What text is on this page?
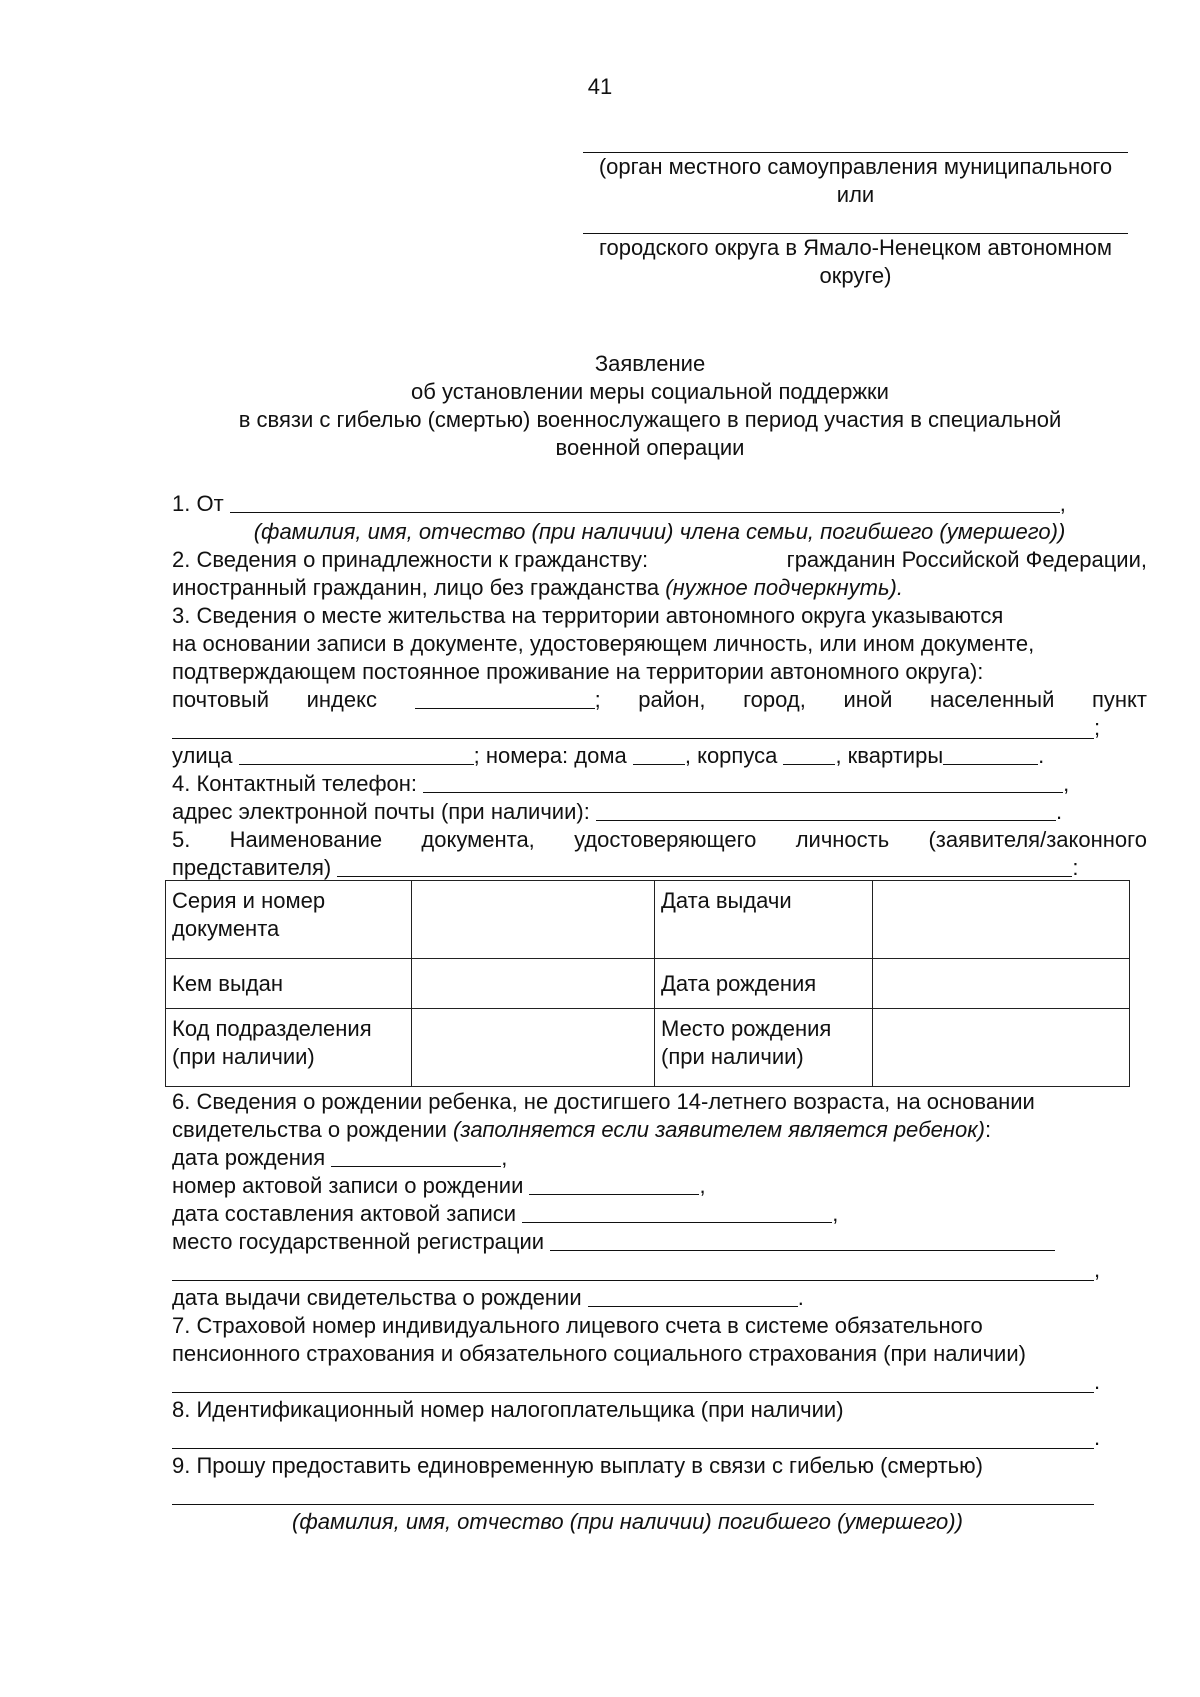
41
(орган местного самоуправления муниципального
или
городского округа в Ямало-Ненецком автономном
округе)
Заявление
об установлении меры социальной поддержки
в связи с гибелью (смертью) военнослужащего в период участия в специальной
военной операции
1. От	,
(фамилия, имя, отчество (при наличии) члена семьи, погибшего (умершего))
2. Сведения о принадлежности к гражданству:	гражданин Российской Федерации,
иностранный гражданин, лицо без гражданства (нужное подчеркнуть).
3. Сведения о месте жительства на территории автономного округа указываются
на основании записи в документе, удостоверяющем личность, или ином документе,
подтверждающем постоянное проживание на территории автономного округа):
почтовый индекс	; район, город, иной населенный пункт
;
улица	; номера: дома	, корпуса	, квартиры	.
4. Контактный телефон:	,
адрес электронной почты (при наличии):	.
5. Наименование документа, удостоверяющего личность (заявителя/законного
представителя)	:
Серия и номер документа		Дата выдачи	
Кем выдан		Дата рождения	
Код подразделения (при наличии)		Место рождения (при наличии)	
6. Сведения о рождении ребенка, не достигшего 14-летнего возраста, на основании
свидетельства о рождении (заполняется если заявителем является ребенок):
дата рождения	,
номер актовой записи о рождении	,
дата составления актовой записи	,
место государственной регистрации
,
дата выдачи свидетельства о рождении	.
7. Страховой номер индивидуального лицевого счета в системе обязательного
пенсионного страхования и обязательного социального страхования (при наличии)
.
8. Идентификационный номер налогоплательщика (при наличии)
.
9. Прошу предоставить единовременную выплату в связи с гибелью (смертью)
(фамилия, имя, отчество (при наличии) погибшего (умершего))
